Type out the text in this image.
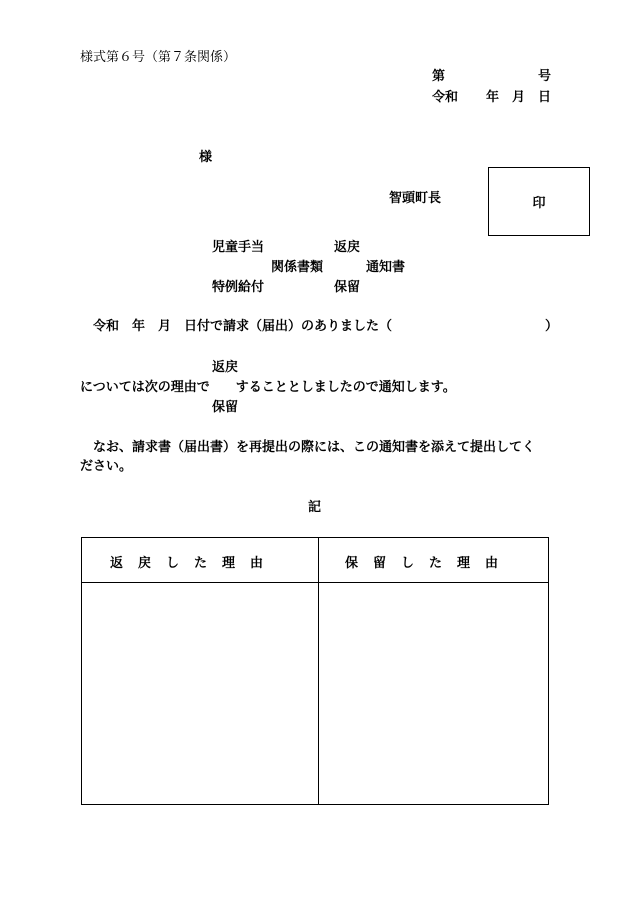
様式第６号（第７条関係）
第	号
令和 年 月 日
様
智頭町長	印
児童手当	返戻
関係書類	通知書
特例給付	保留
令和　年　月　日付で請求（届出）のありました（	）
返戻
については次の理由で　　することとしましたので通知します。
保留
なお、請求書（届出書）を再提出の際には、この通知書を添えて提出してく
ださい。
記
返　戻　し　た　理　由	保　留　し　た　理　由
